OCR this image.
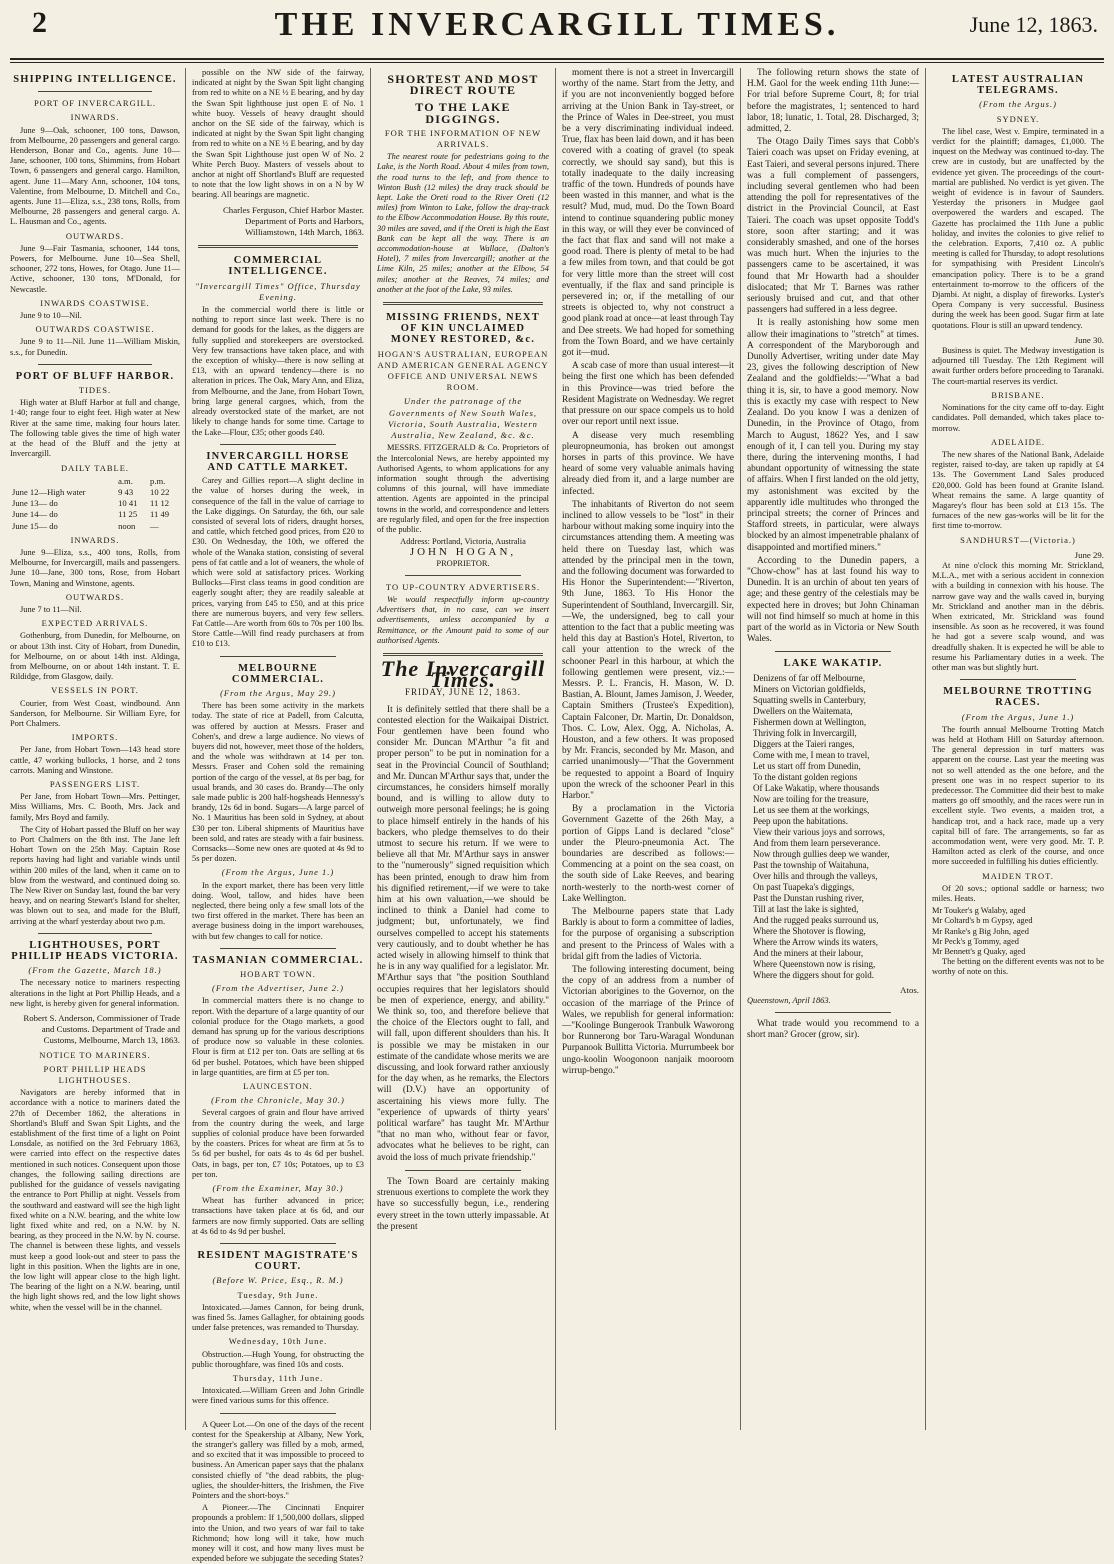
2	THE INVERCARGILL TIMES.	June 12, 1863.
SHIPPING INTELLIGENCE.
PORT OF INVERCARGILL.
INWARDS.
June 9—Oak, schooner, 100 tons, Dawson, from Melbourne, 20 passengers and general cargo. Henderson, Bonar and Co., agents. June 10—Jane, schooner, 100 tons, Shimmins, from Hobart Town, 6 passengers and general cargo. Hamilton, agent. June 11—Mary Ann, schooner, 104 tons, Valentine, from Melbourne, D. Mitchell and Co., agents. June 11—Eliza, s.s., 238 tons, Rolls, from Melbourne, 28 passengers and general cargo. A. L. Hausman and Co., agents.
OUTWARDS.
June 9—Fair Tasmania, schooner, 144 tons, Powers, for Melbourne. June 10—Sea Shell, schooner, 272 tons, Howes, for Otago. June 11—Active, schooner, 130 tons, M'Donald, for Newcastle.
INWARDS COASTWISE.
June 9 to 10—Nil.
OUTWARDS COASTWISE.
June 9 to 11—Nil. June 11—William Miskin, s.s., for Dunedin.
PORT OF BLUFF HARBOR.
TIDES.
High water at Bluff Harbor at full and change, 1·40; range four to eight feet. High water at New River at the same time, making four hours later. The following table gives the time of high water at the head of the Bluff and the jetty at Invercargill.
DAILY TABLE.
	a.m.	p.m.
June 12—High water	9 43	10 22
June 13— do	10 41	11 12
June 14— do	11 25	11 49
June 15— do	noon	—
INWARDS.
June 9—Eliza, s.s., 400 tons, Rolls, from Melbourne, for Invercargill, mails and passengers. June 10—Jane, 300 tons, Rose, from Hobart Town, Maning and Winstone, agents.
OUTWARDS.
June 7 to 11—Nil.
EXPECTED ARRIVALS.
Gothenburg, from Dunedin, for Melbourne, on or about 13th inst. City of Hobart, from Dunedin, for Melbourne, on or about 14th inst. Aldinga, from Melbourne, on or about 14th instant. T. E. Rildidge, from Glasgow, daily.
VESSELS IN PORT.
Courier, from West Coast, windbound. Ann Sanderson, for Melbourne. Sir William Eyre, for Port Chalmers.
IMPORTS.
Per Jane, from Hobart Town—143 head store cattle, 47 working bullocks, 1 horse, and 2 tons carrots. Maning and Winstone.
PASSENGERS LIST.
Per Jane, from Hobart Town—Mrs. Pettinger, Miss Williams, Mrs. C. Booth, Mrs. Jack and family, Mrs Boyd and family.
The City of Hobart passed the Bluff on her way to Port Chalmers on the 8th inst. The Jane left Hobart Town on the 25th May. Captain Rose reports having had light and variable winds until within 200 miles of the land, when it came on to blow from the westward, and continued doing so. The New River on Sunday last, found the bar very heavy, and on nearing Stewart's Island for shelter, was blown out to sea, and made for the Bluff, arriving at the wharf yesterday about two p.m.
LIGHTHOUSES, PORT PHILLIP HEADS VICTORIA.
(From the Gazette, March 18.)
The necessary notice to mariners respecting alterations in the light at Port Phillip Heads, and a new light, is hereby given for general information.
Robert S. Anderson, Commissioner of Trade and Customs. Department of Trade and Customs, Melbourne, March 13, 1863.
NOTICE TO MARINERS.
PORT PHILLIP HEADS LIGHTHOUSES.
Navigators are hereby informed that in accordance with a notice to mariners dated the 27th of December 1862, the alterations in Shortland's Bluff and Swan Spit Lights, and the establishment of the first time of a light on Point Lonsdale, as notified on the 3rd February 1863, were carried into effect on the respective dates mentioned in such notices. Consequent upon those changes, the following sailing directions are published for the guidance of vessels navigating the entrance to Port Phillip at night. Vessels from the southward and eastward will see the high light fixed white on a N.W. bearing, and the white low light fixed white and red, on a N.W. by N. bearing, as they proceed in the N.W. by N. course. The channel is between these lights, and vessels must keep a good look-out and steer to pass the light in this position. When the lights are in one, the low light will appear close to the high light. The bearing of the light on a N.W. bearing, until the high light shows red, and the low light shows white, when the vessel will be in the channel.
possible on the NW side of the fairway, indicated at night by the Swan Spit light changing from red to white on a NE ½ E bearing, and by day the Swan Spit lighthouse just open E of No. 1 white buoy. Vessels of heavy draught should anchor on the SE side of the fairway, which is indicated at night by the Swan Spit light changing from red to white on a NE ½ E bearing, and by day the Swan Spit Lighthouse just open W of No. 2 White Perch Buoy. Masters of vessels about to anchor at night off Shortland's Bluff are requested to note that the low light shows in on a N by W bearing. All bearings are magnetic.
Charles Ferguson, Chief Harbor Master. Department of Ports and Harbors, Williamstown, 14th March, 1863.
COMMERCIAL INTELLIGENCE.
"Invercargill Times" Office, Thursday Evening.
In the commercial world there is little or nothing to report since last week. There is no demand for goods for the lakes, as the diggers are fully supplied and storekeepers are overstocked. Very few transactions have taken place, and with the exception of whisky—there is now selling at £13, with an upward tendency—there is no alteration in prices. The Oak, Mary Ann, and Eliza, from Melbourne, and the Jane, from Hobart Town, bring large general cargoes, which, from the already overstocked state of the market, are not likely to change hands for some time. Cartage to the Lake—Flour, £35; other goods £40.
INVERCARGILL HORSE AND CATTLE MARKET.
Carey and Gillies report—A slight decline in the value of horses during the week, in consequence of the fall in the value of carriage to the Lake diggings. On Saturday, the 6th, our sale consisted of several lots of riders, draught horses, and cattle, which fetched good prices, from £20 to £30. On Wednesday, the 10th, we offered the whole of the Wanaka station, consisting of several pens of fat cattle and a lot of weaners, the whole of which were sold at satisfactory prices. Working Bullocks—First class teams in good condition are eagerly sought after; they are readily saleable at prices, varying from £45 to £50, and at this price there are numerous buyers, and very few sellers. Fat Cattle—Are worth from 60s to 70s per 100 lbs. Store Cattle—Will find ready purchasers at from £10 to £13.
MELBOURNE COMMERCIAL.
(From the Argus, May 29.)
There has been some activity in the markets today. The state of rice at Padell, from Calcutta, was offered by auction at Messrs. Fraser and Cohen's, and drew a large audience. No views of buyers did not, however, meet those of the holders, and the whole was withdrawn at 14 per ton. Messrs. Fraser and Cohen sold the remaining portion of the cargo of the vessel, at 8s per bag, for usual brands, and 30 cases do. Brandy—The only sale made public is 200 half-hogsheads Hennessy's brandy, 12s 6d in bond. Sugars—A large parcel of No. 1 Mauritius has been sold in Sydney, at about £30 per ton. Liberal shipments of Mauritius have been sold, and rates are steady with a fair business. Cornsacks—Some new ones are quoted at 4s 9d to 5s per dozen.
(From the Argus, June 1.)
In the export market, there has been very little doing. Wool, tallow, and hides have been neglected, there being only a few small lots of the two first offered in the market. There has been an average business doing in the import warehouses, with but few changes to call for notice.
TASMANIAN COMMERCIAL.
HOBART TOWN.
(From the Advertiser, June 2.)
In commercial matters there is no change to report. With the departure of a large quantity of our colonial produce for the Otago markets, a good demand has sprung up for the various descriptions of produce now so valuable in these colonies. Flour is firm at £12 per ton. Oats are selling at 6s 6d per bushel. Potatoes, which have been shipped in large quantities, are firm at £5 per ton.
LAUNCESTON.
(From the Chronicle, May 30.)
Several cargoes of grain and flour have arrived from the country during the week, and large supplies of colonial produce have been forwarded by the coasters. Prices for wheat are firm at 5s to 5s 6d per bushel, for oats 4s to 4s 6d per bushel. Oats, in bags, per ton, £7 10s; Potatoes, up to £3 per ton.
(From the Examiner, May 30.)
Wheat has further advanced in price; transactions have taken place at 6s 6d, and our farmers are now firmly supported. Oats are selling at 4s 6d to 4s 9d per bushel.
RESIDENT MAGISTRATE'S COURT.
(Before W. Price, Esq., R. M.)
Tuesday, 9th June.
Intoxicated.—James Cannon, for being drunk, was fined 5s. James Gallagher, for obtaining goods under false pretences, was remanded to Thursday.
Wednesday, 10th June.
Obstruction.—Hugh Young, for obstructing the public thoroughfare, was fined 10s and costs.
Thursday, 11th June.
Intoxicated.—William Green and John Grindle were fined various sums for this offence.
A Queer Lot.—On one of the days of the recent contest for the Speakership at Albany, New York, the stranger's gallery was filled by a mob, armed, and so excited that it was impossible to proceed to business. An American paper says that the phalanx consisted chiefly of "the dead rabbits, the plug-uglies, the shoulder-hitters, the Irishmen, the Five Pointers and the short-boys."
A Pioneer.—The Cincinnati Enquirer propounds a problem: If 1,500,000 dollars, slipped into the Union, and two years of war fail to take Richmond; how long will it take, how much money will it cost, and how many lives must be expended before we subjugate the seceding States?
SHORTEST AND MOST DIRECT ROUTE
TO THE LAKE DIGGINGS.
FOR THE INFORMATION OF NEW ARRIVALS.
The nearest route for pedestrians going to the Lake, is the North Road. About 4 miles from town, the road turns to the left, and from thence to Winton Bush (12 miles) the dray track should be kept. Lake the Oreti road to the River Oreti (12 miles) from Winton to Lake, follow the dray-track to the Elbow Accommodation House. By this route, 30 miles are saved, and if the Oreti is high the East Bank can be kept all the way. There is an accommodation-house at Wallace, (Dalton's Hotel), 7 miles from Invercargill; another at the Lime Kiln, 25 miles; another at the Elbow, 54 miles; another at the Reaves, 74 miles; and another at the foot of the Lake, 93 miles.
MISSING FRIENDS, NEXT OF KIN UNCLAIMED MONEY RESTORED, &c.
HOGAN'S AUSTRALIAN, EUROPEAN AND AMERICAN GENERAL AGENCY OFFICE AND UNIVERSAL NEWS ROOM.
Under the patronage of the Governments of New South Wales, Victoria, South Australia, Western Australia, New Zealand, &c. &c.
MESSRS. FITZGERALD & Co. Proprietors of the Intercolonial News, are hereby appointed my Authorised Agents, to whom applications for any information sought through the advertising columns of this journal, will have immediate attention. Agents are appointed in the principal towns in the world, and correspondence and letters are regularly filed, and open for the free inspection of the public.
Address: Portland, Victoria, Australia
JOHN HOGAN,
PROPRIETOR.
TO UP-COUNTRY ADVERTISERS.
We would respectfully inform up-country Advertisers that, in no case, can we insert advertisements, unless accompanied by a Remittance, or the Amount paid to some of our authorised Agents.
The Invercargill Times.
FRIDAY, JUNE 12, 1863.
It is definitely settled that there shall be a contested election for the Waikaipai District. Four gentlemen have been found who consider Mr. Duncan M'Arthur "a fit and proper person" to be put in nomination for a seat in the Provincial Council of Southland; and Mr. Duncan M'Arthur says that, under the circumstances, he considers himself morally bound, and is willing to allow duty to outweigh more personal feelings; he is going to place himself entirely in the hands of his backers, who pledge themselves to do their utmost to secure his return. If we were to believe all that Mr. M'Arthur says in answer to the "numerously" signed requisition which has been printed, enough to draw him from his dignified retirement,—if we were to take him at his own valuation,—we should be inclined to think a Daniel had come to judgment; but, unfortunately, we find ourselves compelled to accept his statements very cautiously, and to doubt whether he has acted wisely in allowing himself to think that he is in any way qualified for a legislator. Mr. M'Arthur says that "the position Southland occupies requires that her legislators should be men of experience, energy, and ability." We think so, too, and therefore believe that the choice of the Electors ought to fall, and will fall, upon different shoulders than his. It is possible we may be mistaken in our estimate of the candidate whose merits we are discussing, and look forward rather anxiously for the day when, as he remarks, the Electors will (D.V.) have an opportunity of ascertaining his views more fully. The "experience of upwards of thirty years' political warfare" has taught Mr. M'Arthur "that no man who, without fear or favor, advocates what he believes to be right, can avoid the loss of much private friendship."
The Town Board are certainly making strenuous exertions to complete the work they have so successfully begun, i.e., rendering every street in the town utterly impassable. At the present
moment there is not a street in Invercargill worthy of the name. Start from the Jetty, and if you are not inconveniently bogged before arriving at the Union Bank in Tay-street, or the Prince of Wales in Dee-street, you must be a very discriminating individual indeed. True, flax has been laid down, and it has been covered with a coating of gravel (to speak correctly, we should say sand), but this is totally inadequate to the daily increasing traffic of the town. Hundreds of pounds have been wasted in this manner, and what is the result? Mud, mud, mud. Do the Town Board intend to continue squandering public money in this way, or will they ever be convinced of the fact that flax and sand will not make a good road. There is plenty of metal to be had a few miles from town, and that could be got for very little more than the street will cost eventually, if the flax and sand principle is persevered in; or, if the metalling of our streets is objected to, why not construct a good plank road at once—at least through Tay and Dee streets. We had hoped for something from the Town Board, and we have certainly got it—mud.
A scab case of more than usual interest—it being the first one which has been defended in this Province—was tried before the Resident Magistrate on Wednesday. We regret that pressure on our space compels us to hold over our report until next issue.
A disease very much resembling pleuropneumonia, has broken out amongst horses in parts of this province. We have heard of some very valuable animals having already died from it, and a large number are infected.
The inhabitants of Riverton do not seem inclined to allow vessels to be "lost" in their harbour without making some inquiry into the circumstances attending them. A meeting was held there on Tuesday last, which was attended by the principal men in the town, and the following document was forwarded to His Honor the Superintendent:—"Riverton, 9th June, 1863. To His Honor the Superintendent of Southland, Invercargill. Sir,—We, the undersigned, beg to call your attention to the fact that a public meeting was held this day at Bastion's Hotel, Riverton, to call your attention to the wreck of the schooner Pearl in this harbour, at which the following gentlemen were present, viz.:— Messrs. P. L. Francis, H. Mason, W. D. Bastian, A. Blount, James Jamison, J. Weeder, Captain Smithers (Trustee's Expedition), Captain Falconer, Dr. Martin, Dr. Donaldson, Thos. C. Low, Alex. Ogg, A. Nicholas, A. Houston, and a few others. It was proposed by Mr. Francis, seconded by Mr. Mason, and carried unanimously—"That the Government be requested to appoint a Board of Inquiry upon the wreck of the schooner Pearl in this Harbor."
By a proclamation in the Victoria Government Gazette of the 26th May, a portion of Gipps Land is declared "close" under the Pleuro-pneumonia Act. The boundaries are described as follows:—Commencing at a point on the sea coast, on the south side of Lake Reeves, and bearing north-westerly to the north-west corner of Lake Wellington.
The Melbourne papers state that Lady Barkly is about to form a committee of ladies, for the purpose of organising a subscription and present to the Princess of Wales with a bridal gift from the ladies of Victoria.
The following interesting document, being the copy of an address from a number of Victorian aborigines to the Governor, on the occasion of the marriage of the Prince of Wales, we republish for general information:—"Koolinge Bungerook Tranbulk Waworong bor Runnerong bor Taru-Waragal Wondunan Purpanook Bullitta Victoria. Murrumbeek bor ungo-koolin Woogonoon nanjaik mooroom wirrup-bengo."
The following return shows the state of H.M. Gaol for the week ending 11th June:—For trial before Supreme Court, 8; for trial before the magistrates, 1; sentenced to hard labor, 18; lunatic, 1. Total, 28. Discharged, 3; admitted, 2.
The Otago Daily Times says that Cobb's Taieri coach was upset on Friday evening, at East Taieri, and several persons injured. There was a full complement of passengers, including several gentlemen who had been attending the poll for representatives of the district in the Provincial Council, at East Taieri. The coach was upset opposite Todd's store, soon after starting; and it was considerably smashed, and one of the horses was much hurt. When the injuries to the passengers came to be ascertained, it was found that Mr Howarth had a shoulder dislocated; that Mr T. Barnes was rather seriously bruised and cut, and that other passengers had suffered in a less degree.
It is really astonishing how some men allow their imaginations to "stretch" at times. A correspondent of the Maryborough and Dunolly Advertiser, writing under date May 23, gives the following description of New Zealand and the goldfields:—"What a bad thing it is, sir, to have a good memory. Now this is exactly my case with respect to New Zealand. Do you know I was a denizen of Dunedin, in the Province of Otago, from March to August, 1862? Yes, and I saw enough of it, I can tell you. During my stay there, during the intervening months, I had abundant opportunity of witnessing the state of affairs. When I first landed on the old jetty, my astonishment was excited by the apparently idle multitudes who thronged the principal streets; the corner of Princes and Stafford streets, in particular, were always blocked by an almost impenetrable phalanx of disappointed and mortified miners."
According to the Dunedin papers, a "Chow-chow" has at last found his way to Dunedin. It is an urchin of about ten years of age; and these gentry of the celestials may be expected here in droves; but John Chinaman will not find himself so much at home in this part of the world as in Victoria or New South Wales.
LAKE WAKATIP.
Denizens of far off Melbourne,
Miners on Victorian goldfields,
Squatting swells in Canterbury,
Dwellers on the Waitemata,
Fishermen down at Wellington,
Thriving folk in Invercargill,
Diggers at the Taieri ranges,
Come with me, I mean to travel,
Let us start off from Dunedin,
To the distant golden regions
Of Lake Wakatip, where thousands
Now are toiling for the treasure,
Let us see them at the workings,
Peep upon the habitations.
View their various joys and sorrows,
And from them learn perseverance.
Now through gullies deep we wander,
Past the township of Waitahuna,
Over hills and through the valleys,
On past Tuapeka's diggings,
Past the Dunstan rushing river,
Till at last the lake is sighted,
And the rugged peaks surround us,
Where the Shotover is flowing,
Where the Arrow winds its waters,
And the miners at their labour,
Where Queenstown now is rising,
Where the diggers shout for gold.
Atos.
Queenstown, April 1863.
What trade would you recommend to a short man? Grocer (grow, sir).
LATEST AUSTRALIAN TELEGRAMS.
(From the Argus.)
SYDNEY.
The libel case, West v. Empire, terminated in a verdict for the plaintiff; damages, £1,000. The inquest on the Medway was continued to-day. The crew are in custody, but are unaffected by the evidence yet given. The proceedings of the court-martial are published. No verdict is yet given. The weight of evidence is in favour of Saunders. Yesterday the prisoners in Mudgee gaol overpowered the warders and escaped. The Gazette has proclaimed the 11th June a public holiday, and invites the colonies to give relief to the celebration. Exports, 7,410 oz. A public meeting is called for Thursday, to adopt resolutions for sympathising with President Lincoln's emancipation policy. There is to be a grand entertainment to-morrow to the officers of the Djambi. At night, a display of fireworks. Lyster's Opera Company is very successful. Business during the week has been good. Sugar firm at late quotations. Flour is still an upward tendency.
June 30.
Business is quiet. The Medway investigation is adjourned till Tuesday. The 12th Regiment will await further orders before proceeding to Taranaki. The court-martial reserves its verdict.
BRISBANE.
Nominations for the city came off to-day. Eight candidates. Poll demanded, which takes place to-morrow.
ADELAIDE.
The new shares of the National Bank, Adelaide register, raised to-day, are taken up rapidly at £4 13s. The Government Land Sales produced £20,000. Gold has been found at Granite Island. Wheat remains the same. A large quantity of Magarey's flour has been sold at £13 15s. The furnaces of the new gas-works will be lit for the first time to-morrow.
SANDHURST—(Victoria.)
June 29.
At nine o'clock this morning Mr. Strickland, M.L.A., met with a serious accident in connexion with a building in connexion with his house. The narrow gave way and the walls caved in, burying Mr. Strickland and another man in the débris. When extricated, Mr. Strickland was found insensible. As soon as he recovered, it was found he had got a severe scalp wound, and was dreadfully shaken. It is expected he will be able to resume his Parliamentary duties in a week. The other man was but slightly hurt.
MELBOURNE TROTTING RACES.
(From the Argus, June 1.)
The fourth annual Melbourne Trotting Match was held at Hotham Hill on Saturday afternoon. The general depression in turf matters was apparent on the course. Last year the meeting was not so well attended as the one before, and the present one was in no respect superior to its predecessor. The Committee did their best to make matters go off smoothly, and the races were run in excellent style. Two events, a maiden trot, a handicap trot, and a hack race, made up a very capital bill of fare. The arrangements, so far as accommodation went, were very good. Mr. T. P. Hamilton acted as clerk of the course, and once more succeeded in fulfilling his duties efficiently.
MAIDEN TROT.
Of 20 sovs.; optional saddle or harness; two miles. Heats.
Mr Touker's g Walaby, aged
Mr Coltard's b m Gypsy, aged
Mr Ranke's g Big John, aged
Mr Peck's g Tommy, aged
Mr Bennett's g Quaky, aged
The betting on the different events was not to be worthy of note on this.
